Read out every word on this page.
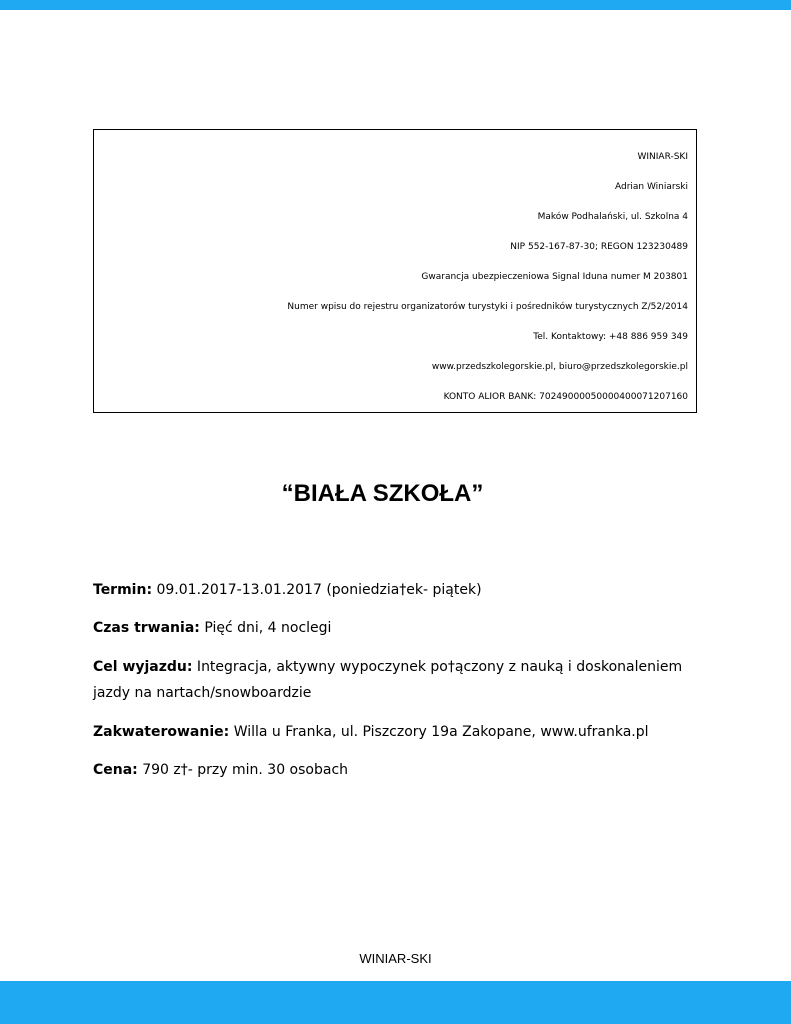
WINIAR-SKI
Adrian Winiarski
Maków Podhalański, ul. Szkolna 4
NIP 552-167-87-30; REGON 123230489
Gwarancja ubezpieczeniowa Signal Iduna numer M 203801
Numer wpisu do rejestru organizatorów turystyki i pośredników turystycznych Z/52/2014
Tel. Kontaktowy: +48 886 959 349
www.przedszkolegorskie.pl, biuro@przedszkolegorskie.pl
KONTO ALIOR BANK: 70249000050000400071207160
“BIAŁA SZKOŁA”
Termin: 09.01.2017-13.01.2017 (poniedzia†ek- piątek)
Czas trwania: Pięć dni, 4 noclegi
Cel wyjazdu: Integracja, aktywny wypoczynek po†ączony z nauką i doskonaleniem jazdy na nartach/snowboardzie
Zakwaterowanie: Willa u Franka, ul. Piszczory 19a Zakopane, www.ufranka.pl
Cena: 790 z†- przy min. 30 osobach
WINIAR-SKI
